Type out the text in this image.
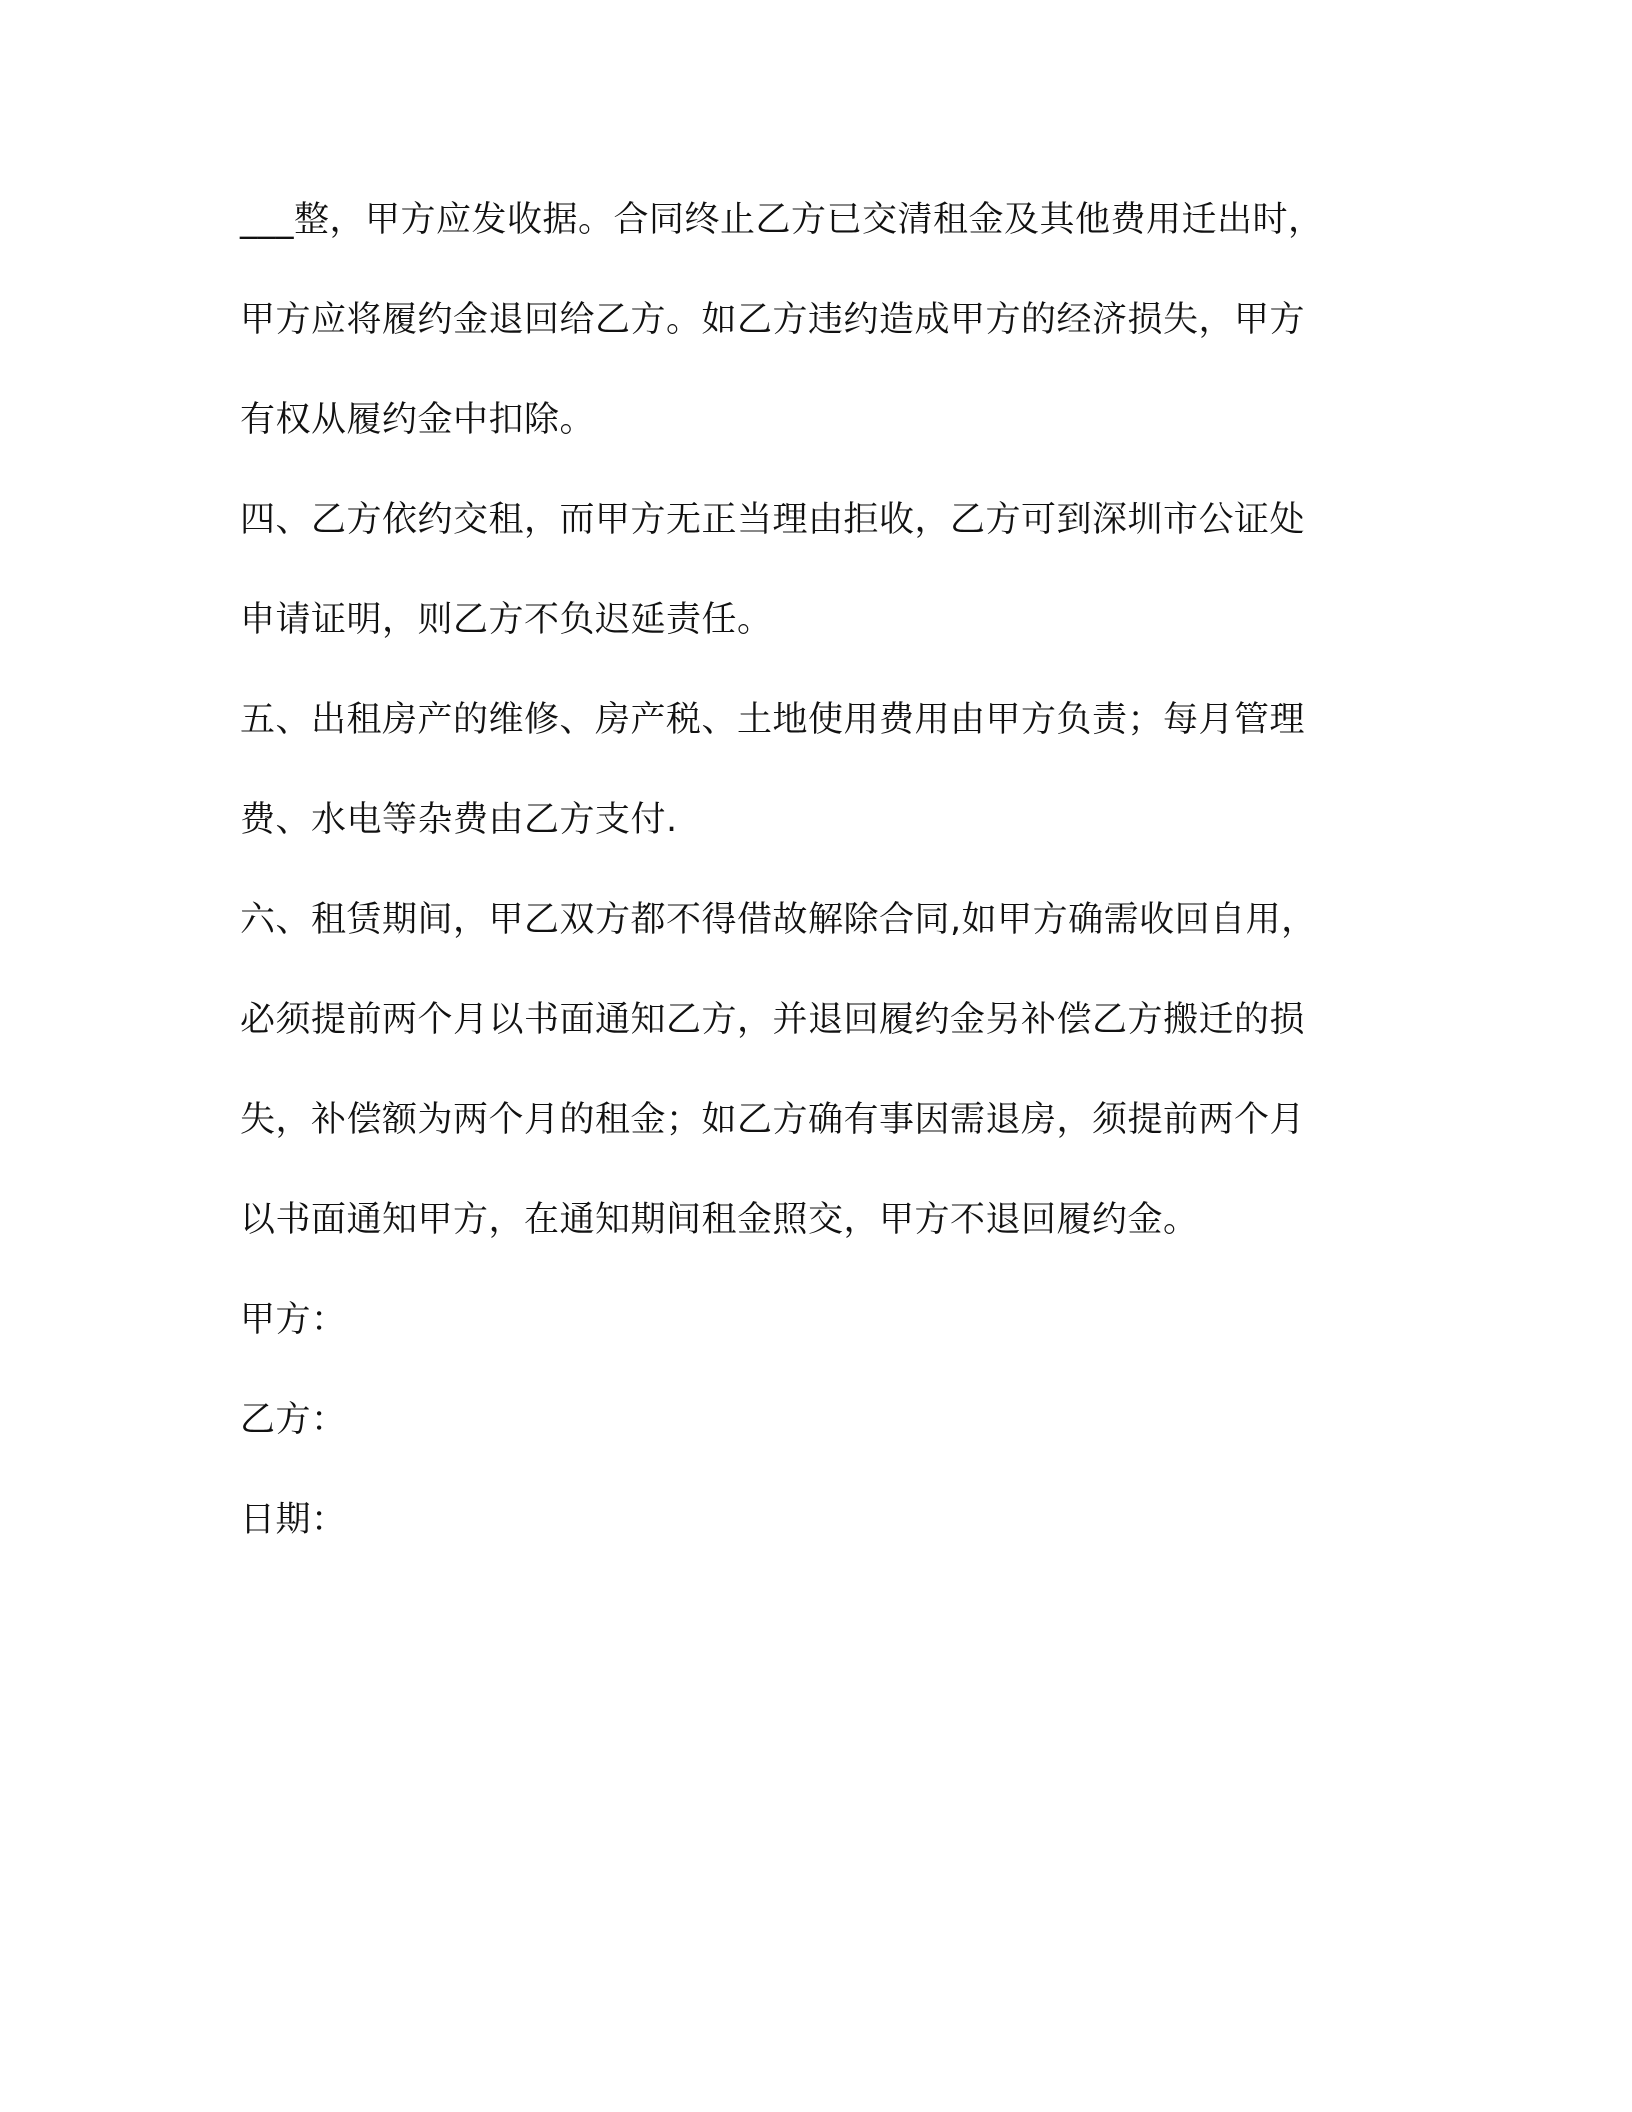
___整，甲方应发收据。合同终止乙方已交清租金及其他费用迁出时，
甲方应将履约金退回给乙方。如乙方违约造成甲方的经济损失，甲方
有权从履约金中扣除。
四、乙方依约交租，而甲方无正当理由拒收，乙方可到深圳市公证处
申请证明，则乙方不负迟延责任。
五、出租房产的维修、房产税、土地使用费用由甲方负责；每月管理
费、水电等杂费由乙方支付.
六、租赁期间，甲乙双方都不得借故解除合同,如甲方确需收回自用，
必须提前两个月以书面通知乙方，并退回履约金另补偿乙方搬迁的损
失，补偿额为两个月的租金；如乙方确有事因需退房，须提前两个月
以书面通知甲方，在通知期间租金照交，甲方不退回履约金。
甲方：
乙方：
日期：
